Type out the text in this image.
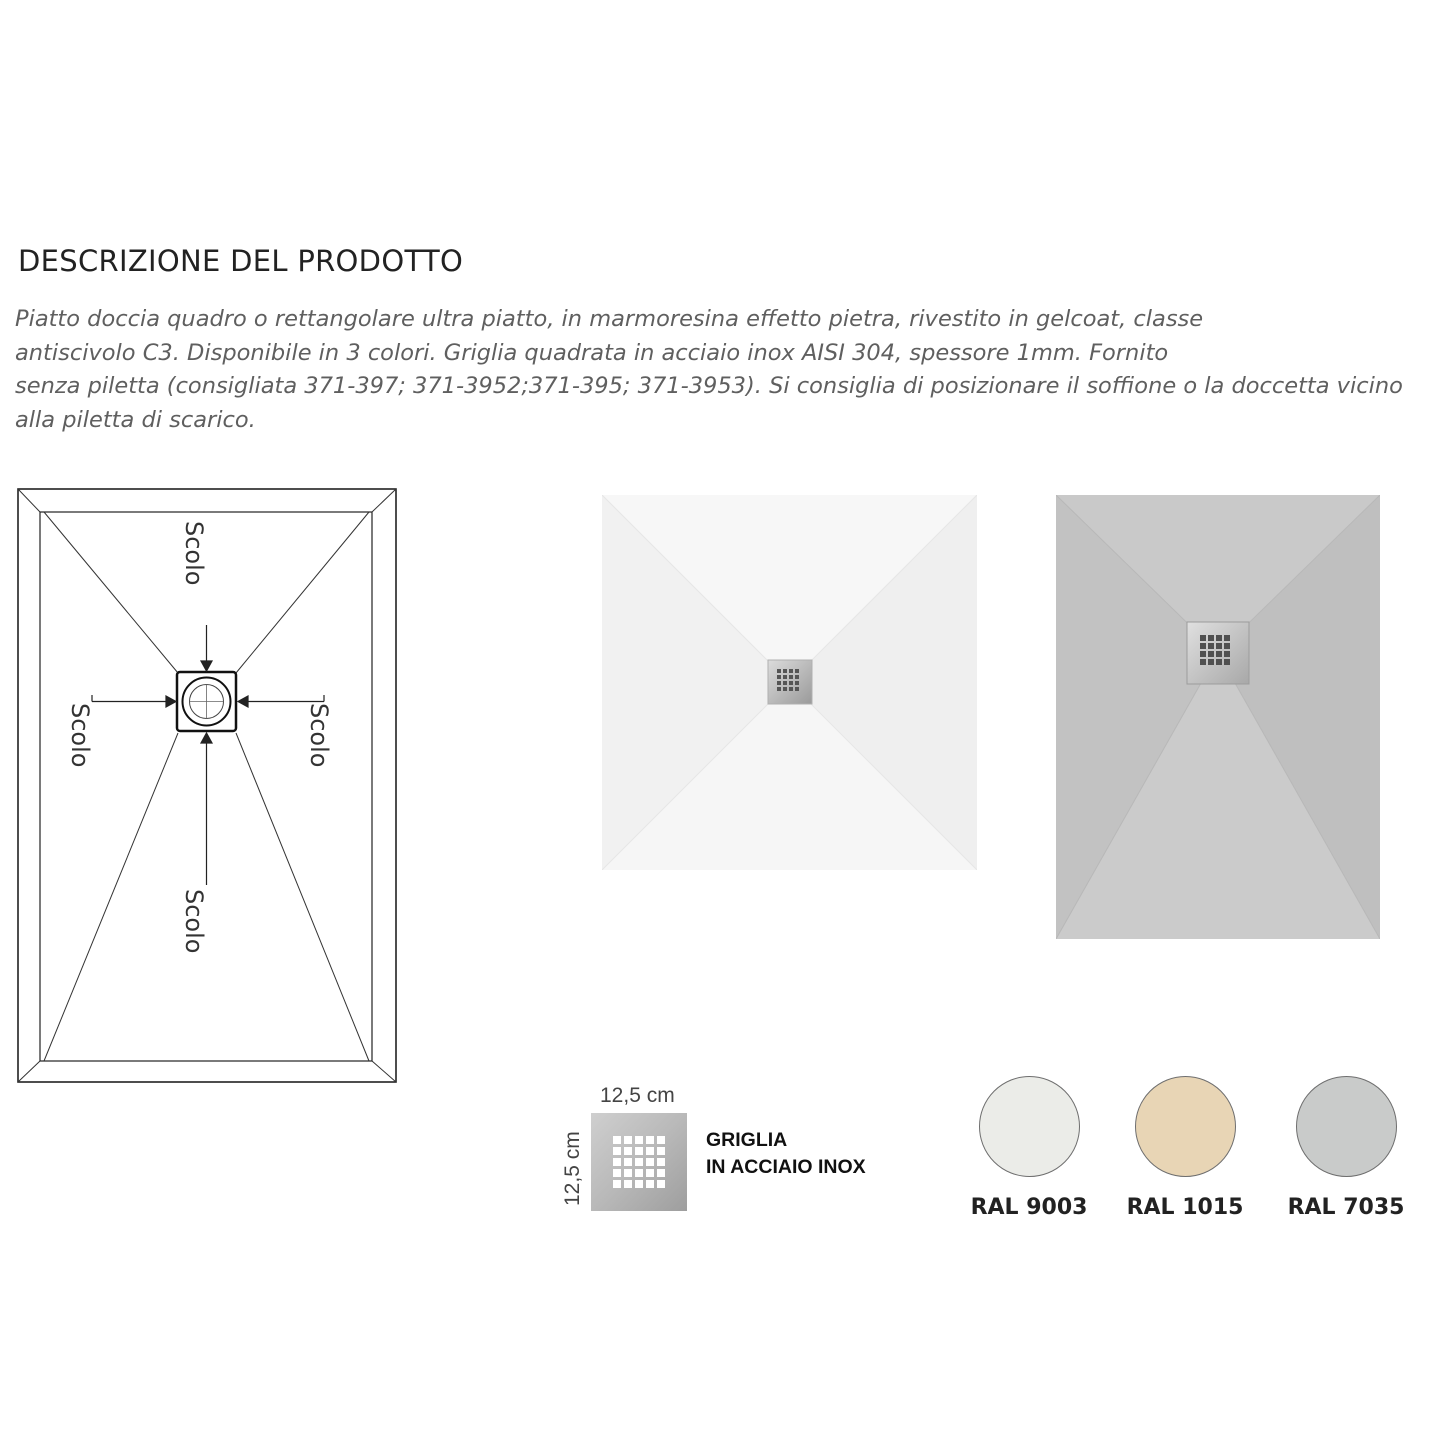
DESCRIZIONE DEL PRODOTTO

Piatto doccia quadro o rettangolare ultra piatto, in marmoresina effetto pietra, rivestito in gelcoat, classe
antiscivolo C3. Disponibile in 3 colori. Griglia quadrata in acciaio inox AISI 304, spessore 1mm. Fornito
senza piletta (consigliata 371-397; 371-3952;371-395; 371-3953). Si consiglia di posizionare il soffione o la doccetta vicino
alla piletta di scarico.

Scolo
Scolo	Scolo
Scolo
12,5 cm
12,5 cm	GRIGLIA
IN ACCIAIO INOX
RAL 9003	RAL 1015	RAL 7035
